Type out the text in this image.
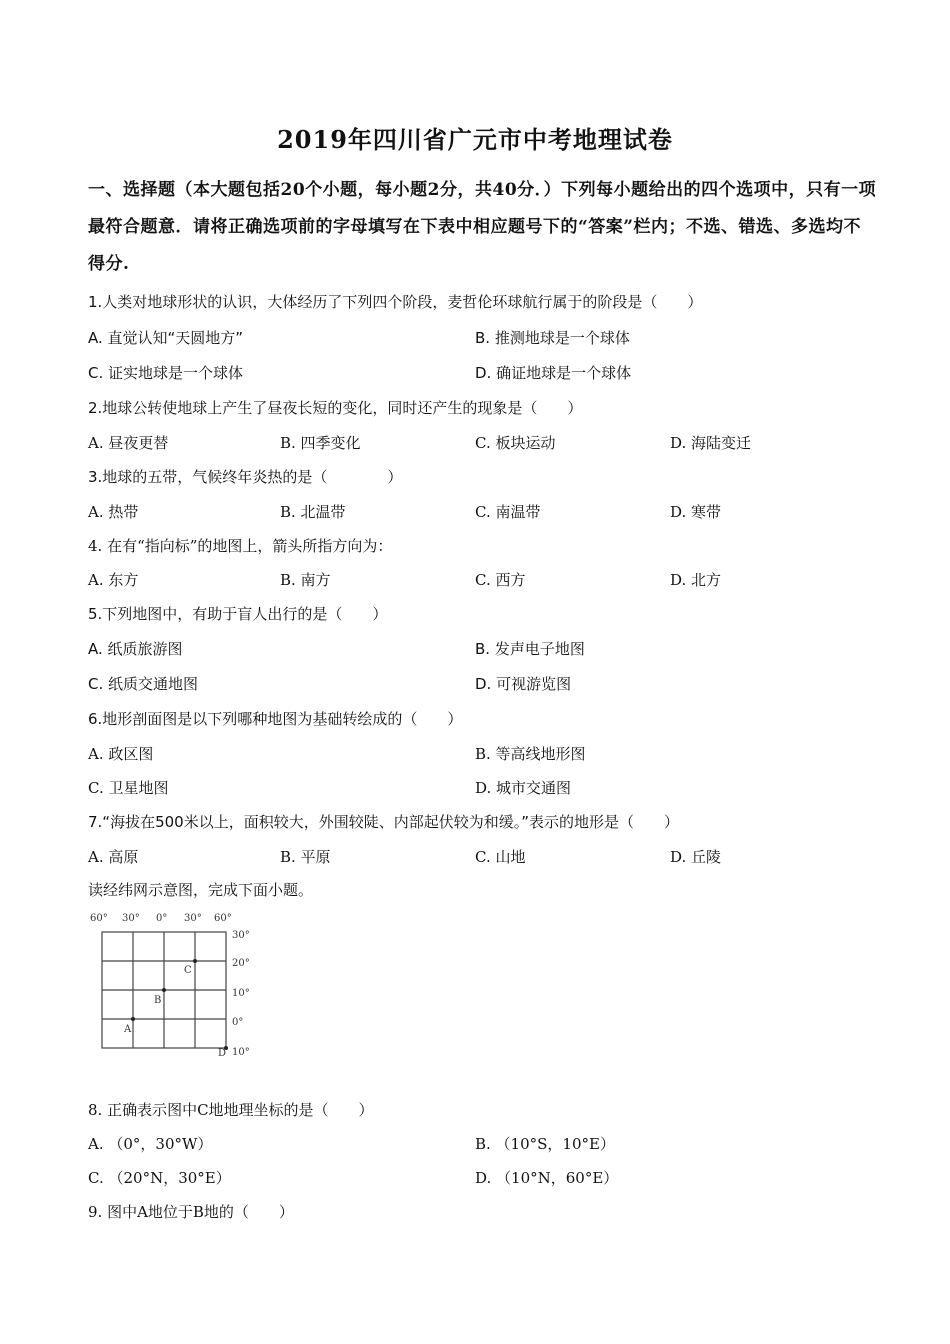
2019年四川省广元市中考地理试卷
一、选择题（本大题包括20个小题，每小题2分，共40分．）下列每小题给出的四个选项中，只有一项最符合题意．请将正确选项前的字母填写在下表中相应题号下的“答案”栏内；不选、错选、多选均不得分.
1.人类对地球形状的认识，大体经历了下列四个阶段，麦哲伦环球航行属于的阶段是（　　）
A. 直觉认知“天圆地方”	B. 推测地球是一个球体
C. 证实地球是一个球体	D. 确证地球是一个球体
2.地球公转使地球上产生了昼夜长短的变化，同时还产生的现象是（　　）
A. 昼夜更替	B. 四季变化	C. 板块运动	D. 海陆变迁
3.地球的五带，气候终年炎热的是（　　　　）
A. 热带	B. 北温带	C. 南温带	D. 寒带
4. 在有“指向标”的地图上，箭头所指方向为：
A. 东方	B. 南方	C. 西方	D. 北方
5.下列地图中，有助于盲人出行的是（　　）
A. 纸质旅游图	B. 发声电子地图
C. 纸质交通地图	D. 可视游览图
6.地形剖面图是以下列哪种地图为基础转绘成的（　　）
A. 政区图	B. 等高线地形图
C. 卫星地图	D. 城市交通图
7.“海拔在500米以上，面积较大，外围较陡、内部起伏较为和缓。”表示的地形是（　　）
A. 高原	B. 平原	C. 山地	D. 丘陵
读经纬网示意图，完成下面小题。
60° 30° 0° 30° 60°
30°
20°
10°
0°
10°
C
B
A
D
8. 正确表示图中C地地理坐标的是（　　）
A. （0°，30°W）	B. （10°S，10°E）
C. （20°N，30°E）	D. （10°N，60°E）
9. 图中A地位于B地的（　　）
